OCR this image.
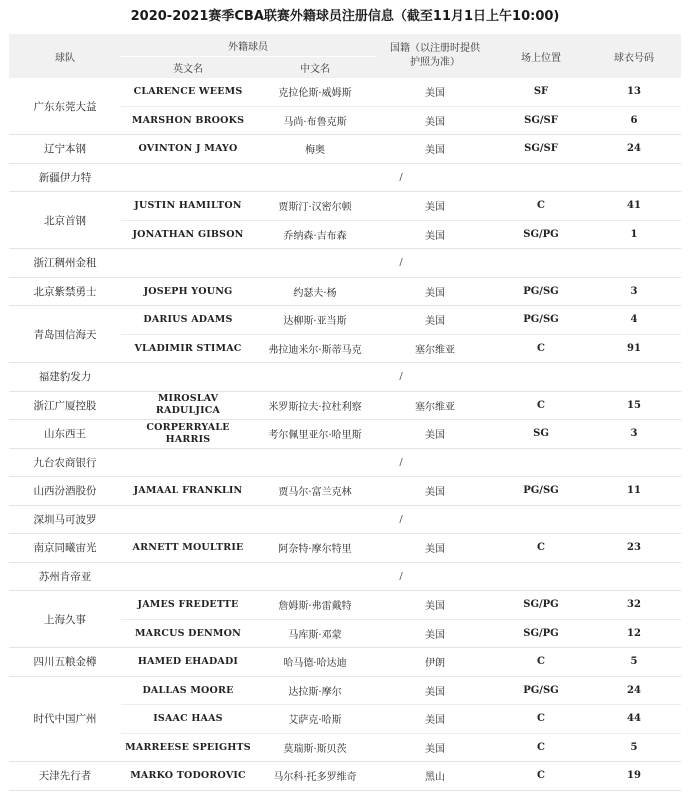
2020-2021赛季CBA联赛外籍球员注册信息（截至11月1日上午10:00)
球队	外籍球员		国籍（以注册时提供护照为准）	场上位置	球衣号码
	英文名	中文名			
广东东莞大益	CLARENCE WEEMS	克拉伦斯·威姆斯	美国	SF	13
	MARSHON BROOKS	马尚·布鲁克斯	美国	SG/SF	6
辽宁本钢	OVINTON J MAYO	梅奥	美国	SG/SF	24
新疆伊力特	/				
北京首钢	JUSTIN HAMILTON	贾斯汀·汉密尔顿	美国	C	41
	JONATHAN GIBSON	乔纳森·吉布森	美国	SG/PG	1
浙江稠州金租	/				
北京紫禁勇士	JOSEPH YOUNG	约瑟夫·杨	美国	PG/SG	3
青岛国信海天	DARIUS ADAMS	达柳斯·亚当斯	美国	PG/SG	4
	VLADIMIR STIMAC	弗拉迪米尔·斯蒂马克	塞尔维亚	C	91
福建豹发力	/				
浙江广厦控股	MIROSLAV
RADULJICA	米罗斯拉夫·拉杜利察	塞尔维亚	C	15
山东西王	CORPERRYALE
HARRIS	考尔佩里亚尔·哈里斯	美国	SG	3
九台农商银行	/				
山西汾酒股份	JAMAAL FRANKLIN	贾马尔·富兰克林	美国	PG/SG	11
深圳马可波罗	/				
南京同曦宙光	ARNETT MOULTRIE	阿奈特·摩尔特里	美国	C	23
苏州肯帝亚	/				
上海久事	JAMES FREDETTE	詹姆斯·弗雷戴特	美国	SG/PG	32
	MARCUS DENMON	马库斯·邓蒙	美国	SG/PG	12
四川五粮金樽	HAMED EHADADI	哈马德·哈达迪	伊朗	C	5
时代中国广州	DALLAS MOORE	达拉斯·摩尔	美国	PG/SG	24
	ISAAC HAAS	艾萨克·哈斯	美国	C	44
	MARREESE SPEIGHTS	莫瑞斯·斯贝茨	美国	C	5
天津先行者	MARKO TODOROVIC	马尔科·托多罗维奇	黑山	C	19
